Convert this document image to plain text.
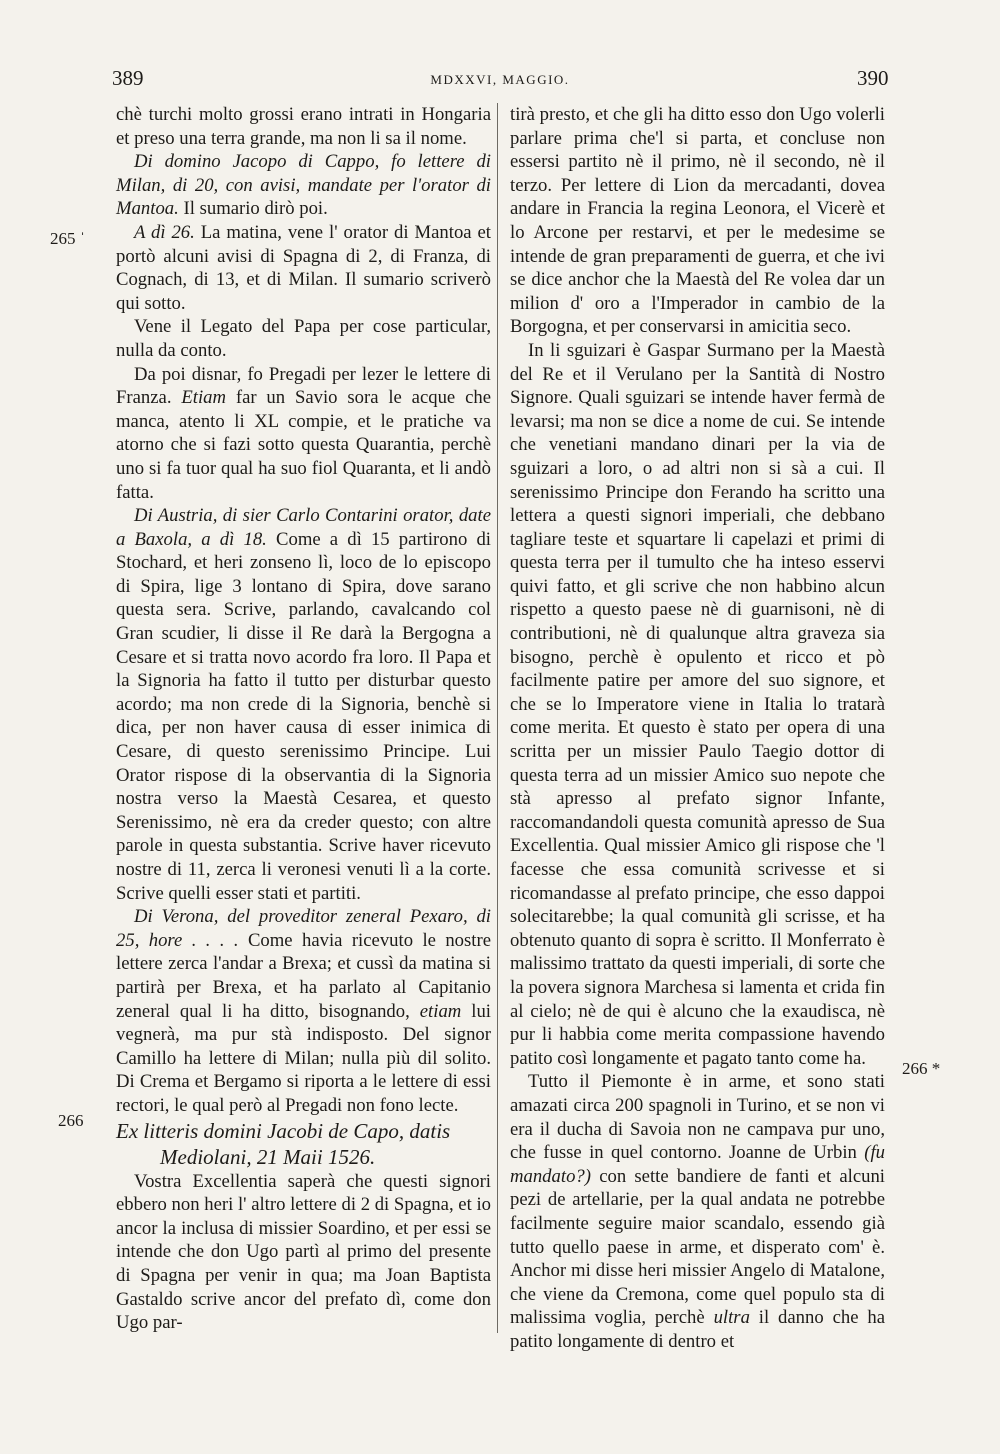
389	MDXXVI, MAGGIO.	390
265 ˈ
266
266 *

chè turchi molto grossi erano intrati in Hongaria et preso una terra grande, ma non li sa il nome.

Di domino Jacopo di Cappo, fo lettere di Milan, di 20, con avisi, mandate per l'orator di Mantoa. Il sumario dirò poi.

A dì 26. La matina, vene l' orator di Mantoa et portò alcuni avisi di Spagna di 2, di Franza, di Cognach, di 13, et di Milan. Il sumario scriverò qui sotto.

Vene il Legato del Papa per cose particular, nulla da conto.

Da poi disnar, fo Pregadi per lezer le lettere di Franza. Etiam far un Savio sora le acque che manca, atento li XL compie, et le pratiche va atorno che si fazi sotto questa Quarantia, perchè uno si fa tuor qual ha suo fiol Quaranta, et li andò fatta.

Di Austria, di sier Carlo Contarini orator, date a Baxola, a dì 18. Come a dì 15 partirono di Stochard, et heri zonseno lì, loco de lo episcopo di Spira, lige 3 lontano di Spira, dove sarano questa sera. Scrive, parlando, cavalcando col Gran scudier, li disse il Re darà la Bergogna a Cesare et si tratta novo acordo fra loro. Il Papa et la Signoria ha fatto il tutto per disturbar questo acordo; ma non crede di la Signoria, benchè si dica, per non haver causa di esser inimica di Cesare, di questo serenissimo Principe. Lui Orator rispose di la observantia di la Signoria nostra verso la Maestà Cesarea, et questo Serenissimo, nè era da creder questo; con altre parole in questa substantia. Scrive haver ricevuto nostre di 11, zerca li veronesi venuti lì a la corte. Scrive quelli esser stati et partiti.

Di Verona, del proveditor zeneral Pexaro, di 25, hore . . . . Come havia ricevuto le nostre lettere zerca l'andar a Brexa; et cussì da matina si partirà per Brexa, et ha parlato al Capitanio zeneral qual li ha ditto, bisognando, etiam lui vegnerà, ma pur stà indisposto. Del signor Camillo ha lettere di Milan; nulla più dil solito. Di Crema et Bergamo si riporta a le lettere di essi rectori, le qual però al Pregadi non fono lecte.

Ex litteris domini Jacobi de Capo, datis
Mediolani, 21 Maii 1526.

Vostra Excellentia saperà che questi signori ebbero non heri l' altro lettere di 2 di Spagna, et io ancor la inclusa di missier Soardino, et per essi se intende che don Ugo partì al primo del presente di Spagna per venir in qua; ma Joan Baptista Gastaldo scrive ancor del prefato dì, come don Ugo par-

tirà presto, et che gli ha ditto esso don Ugo volerli parlare prima che'l si parta, et concluse non essersi partito nè il primo, nè il secondo, nè il terzo. Per lettere di Lion da mercadanti, dovea andare in Francia la regina Leonora, el Vicerè et lo Arcone per restarvi, et per le medesime se intende de gran preparamenti de guerra, et che ivi se dice anchor che la Maestà del Re volea dar un milion d' oro a l'Imperador in cambio de la Borgogna, et per conservarsi in amicitia seco.

In li sguizari è Gaspar Surmano per la Maestà del Re et il Verulano per la Santità di Nostro Signore. Quali sguizari se intende haver fermà de levarsi; ma non se dice a nome de cui. Se intende che venetiani mandano dinari per la via de sguizari a loro, o ad altri non si sà a cui. Il serenissimo Principe don Ferando ha scritto una lettera a questi signori imperiali, che debbano tagliare teste et squartare li capelazi et primi di questa terra per il tumulto che ha inteso esservi quivi fatto, et gli scrive che non habbino alcun rispetto a questo paese nè di guarnisoni, nè di contributioni, nè di qualunque altra graveza sia bisogno, perchè è opulento et ricco et pò facilmente patire per amore del suo signore, et che se lo Imperatore viene in Italia lo tratarà come merita. Et questo è stato per opera di una scritta per un missier Paulo Taegio dottor di questa terra ad un missier Amico suo nepote che stà apresso al prefato signor Infante, raccomandandoli questa comunità apresso de Sua Excellentia. Qual missier Amico gli rispose che 'l facesse che essa comunità scrivesse et si ricomandasse al prefato principe, che esso dappoi solecitarebbe; la qual comunità gli scrisse, et ha obtenuto quanto di sopra è scritto. Il Monferrato è malissimo trattato da questi imperiali, di sorte che la povera signora Marchesa si lamenta et crida fin al cielo; nè de qui è alcuno che la exaudisca, nè pur li habbia come merita compassione havendo patito così longamente et pagato tanto come ha.

Tutto il Piemonte è in arme, et sono stati amazati circa 200 spagnoli in Turino, et se non vi era il ducha di Savoia non ne campava pur uno, che fusse in quel contorno. Joanne de Urbin (fu mandato?) con sette bandiere de fanti et alcuni pezi de artellarie, per la qual andata ne potrebbe facilmente seguire maior scandalo, essendo già tutto quello paese in arme, et disperato com' è. Anchor mi disse heri missier Angelo di Matalone, che viene da Cremona, come quel populo sta di malissima voglia, perchè ultra il danno che ha patito longamente di dentro et
